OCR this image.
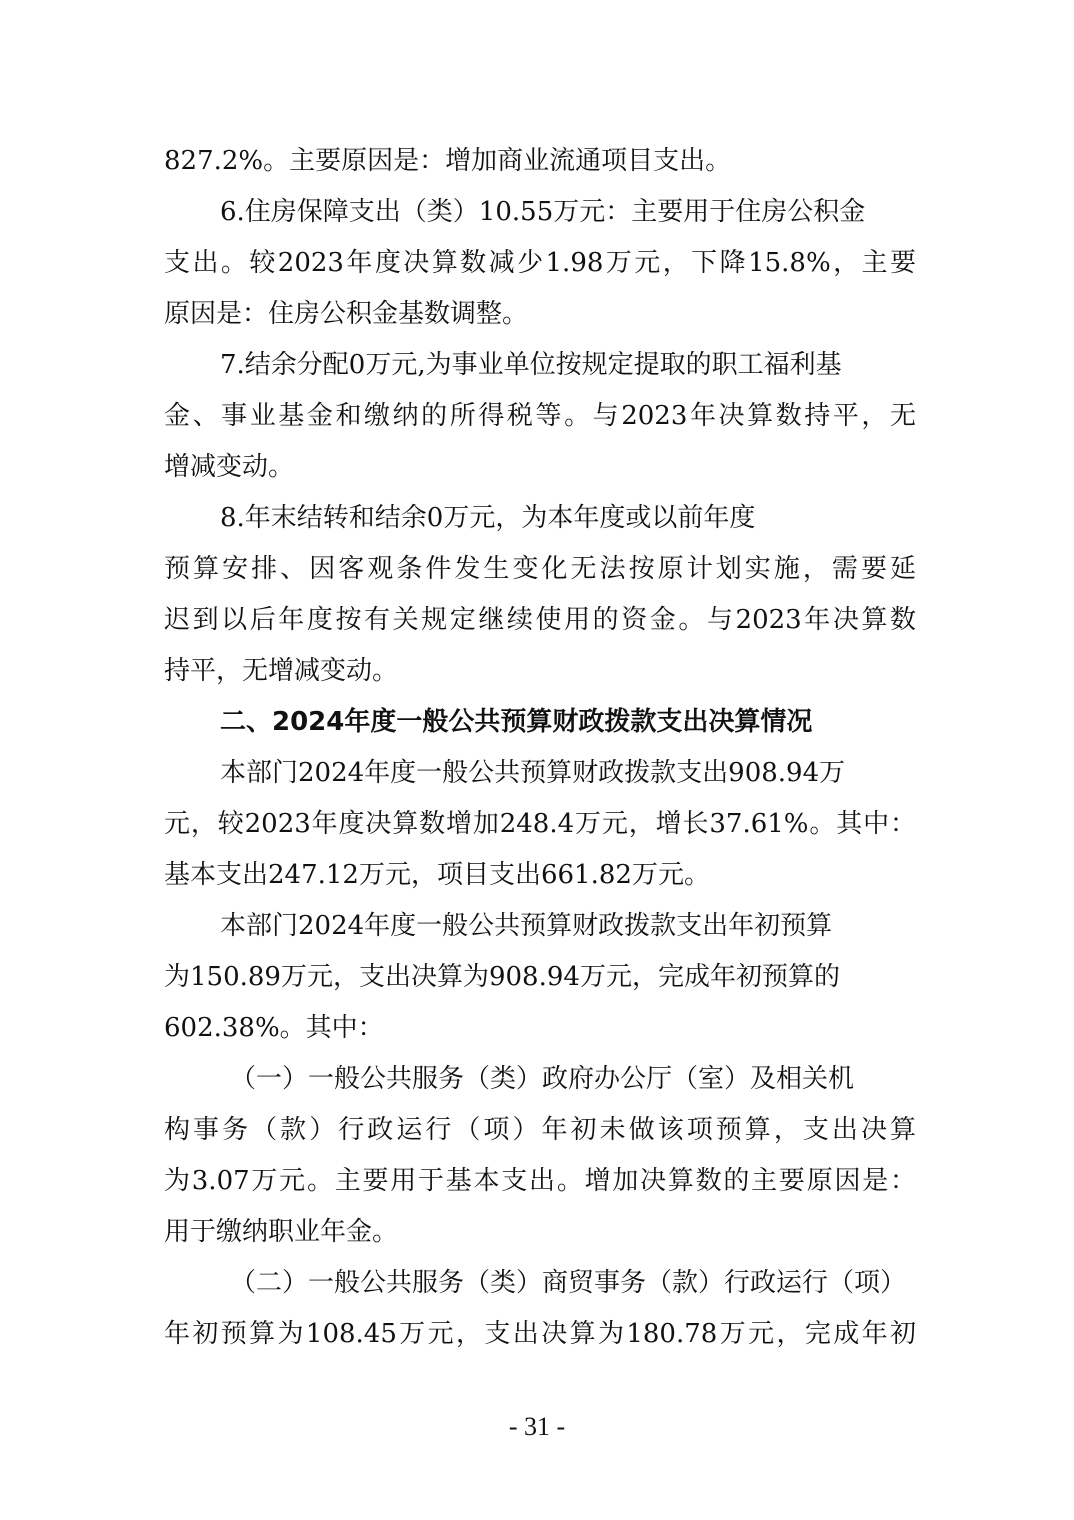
827.2%。主要原因是：增加商业流通项目支出。
6.住房保障支出（类）10.55万元：主要用于住房公积金
支出。较2023年度决算数减少1.98万元，下降15.8%，主要
原因是：住房公积金基数调整。
7.结余分配0万元,为事业单位按规定提取的职工福利基
金、事业基金和缴纳的所得税等。与2023年决算数持平，无
增减变动。
8.年末结转和结余0万元，为本年度或以前年度
预算安排、因客观条件发生变化无法按原计划实施，需要延
迟到以后年度按有关规定继续使用的资金。与2023年决算数
持平，无增减变动。
二、2024年度一般公共预算财政拨款支出决算情况
本部门2024年度一般公共预算财政拨款支出908.94万
元，较2023年度决算数增加248.4万元，增长37.61%。其中：
基本支出247.12万元，项目支出661.82万元。
本部门2024年度一般公共预算财政拨款支出年初预算
为150.89万元，支出决算为908.94万元，完成年初预算的
602.38%。其中：
（一）一般公共服务（类）政府办公厅（室）及相关机
构事务（款）行政运行（项）年初未做该项预算，支出决算
为3.07万元。主要用于基本支出。增加决算数的主要原因是：
用于缴纳职业年金。
（二）一般公共服务（类）商贸事务（款）行政运行（项）
年初预算为108.45万元，支出决算为180.78万元，完成年初
- 31 -
